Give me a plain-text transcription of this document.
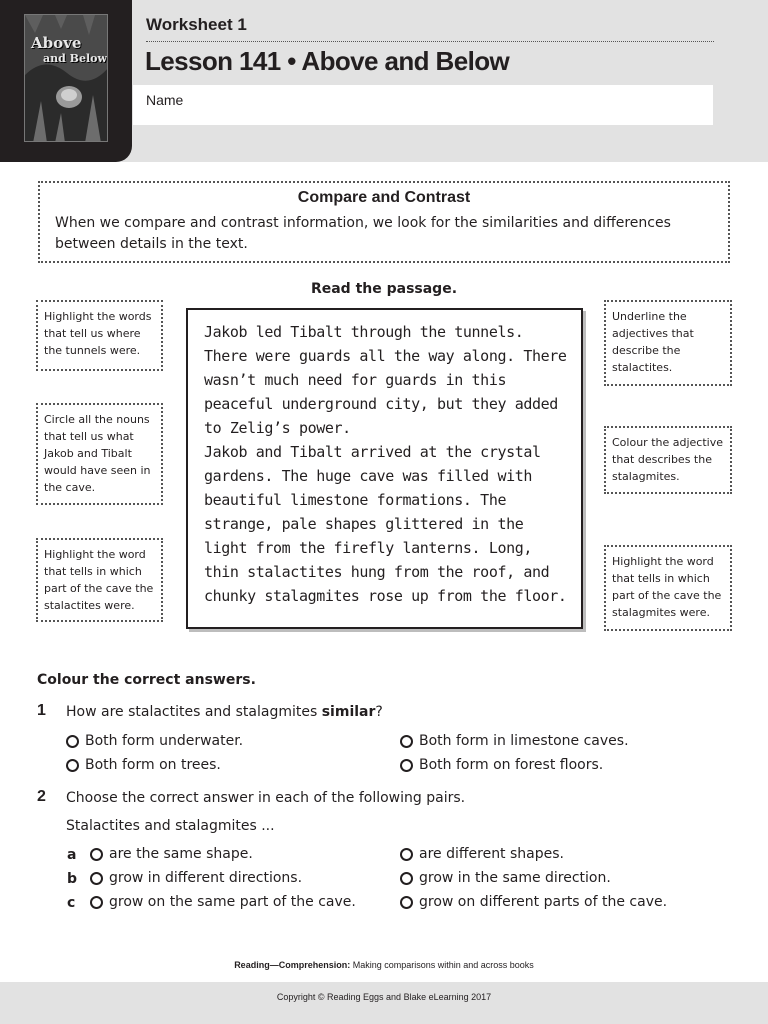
Above
and Below
Worksheet 1
Lesson 141 • Above and Below
Name
Compare and Contrast
When we compare and contrast information, we look for the similarities and differences between details in the text.
Read the passage.
Highlight the words that tell us where the tunnels were.
Circle all the nouns that tell us what Jakob and Tibalt would have seen in the cave.
Highlight the word that tells in which part of the cave the stalactites were.

Jakob led Tibalt through the tunnels. There were guards all the way along. There wasn’t much need for guards in this peaceful underground city, but they added to Zelig’s power.

Jakob and Tibalt arrived at the crystal gardens. The huge cave was filled with beautiful limestone formations. The strange, pale shapes glittered in the light from the firefly lanterns. Long, thin stalactites hung from the roof, and chunky stalagmites rose up from the floor.

Underline the adjectives that describe the stalactites.
Colour the adjective that describes the stalagmites.
Highlight the word that tells in which part of the cave the stalagmites were.
Colour the correct answers.
1 How are stalactites and stalagmites similar?
Both form underwater.	Both form in limestone caves.
Both form on trees.	Both form on forest floors.
2 Choose the correct answer in each of the following pairs.
Stalactites and stalagmites ...
a are the same shape.	are different shapes.
b grow in different directions.	grow in the same direction.
c grow on the same part of the cave.	grow on different parts of the cave.
Reading—Comprehension: Making comparisons within and across books
Copyright © Reading Eggs and Blake eLearning 2017
